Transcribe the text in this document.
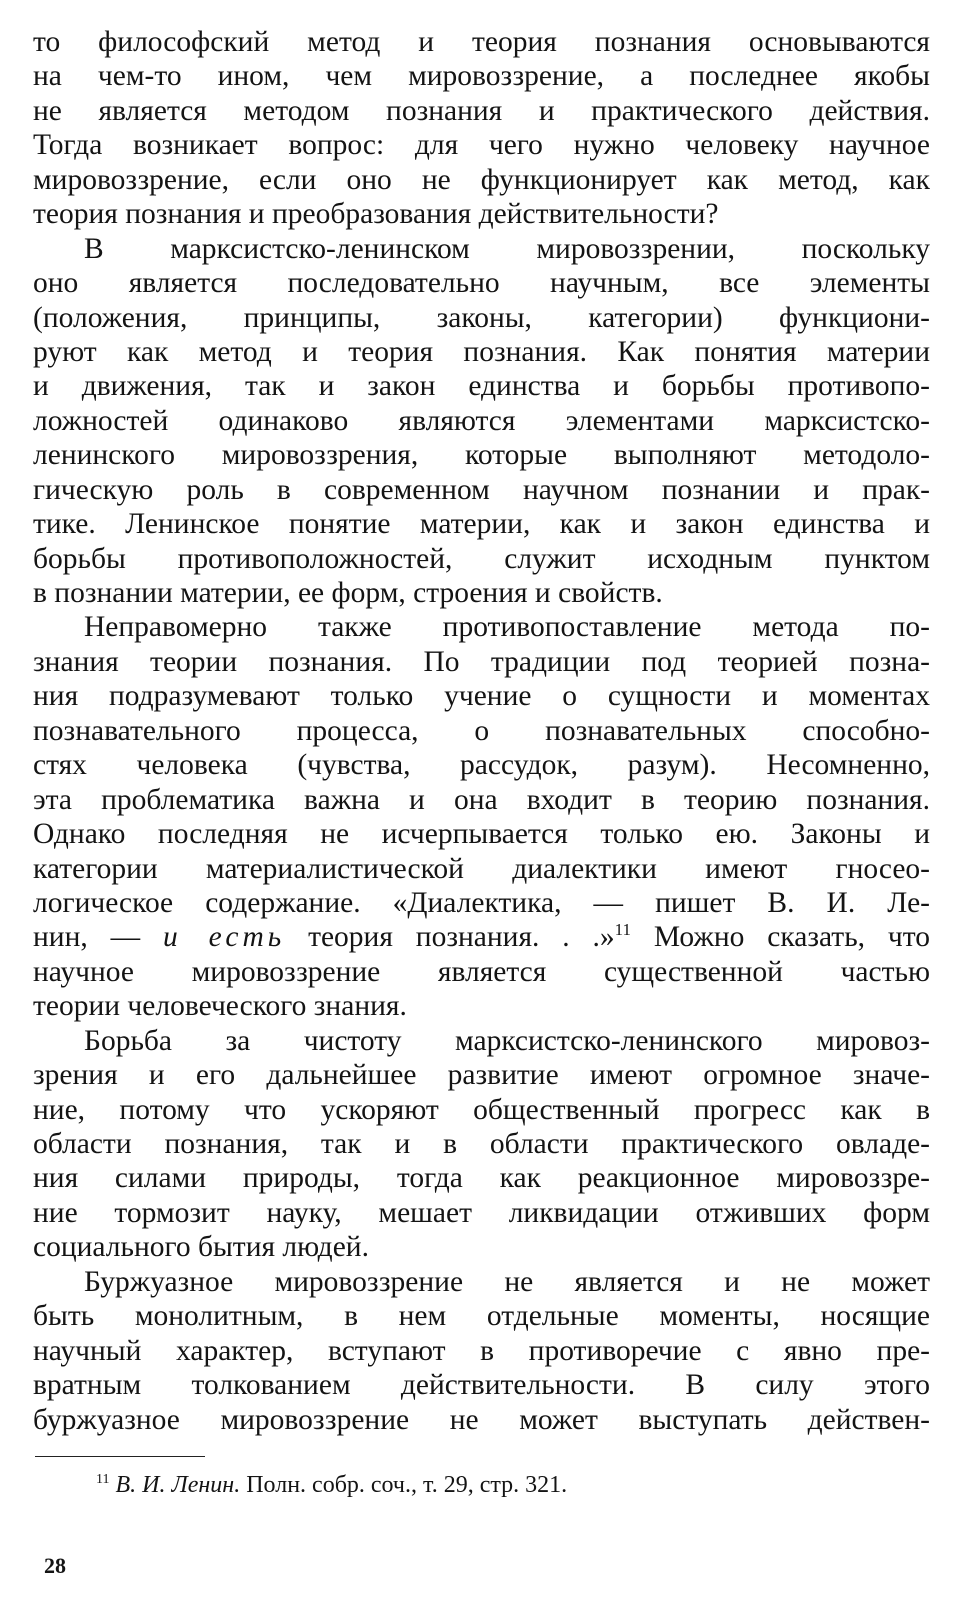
то философский метод и теория познания основываются
на чем-то ином, чем мировоззрение, а последнее якобы
не является методом познания и практического действия.
Тогда возникает вопрос: для чего нужно человеку научное
мировоззрение, если оно не функционирует как метод, как
теория познания и преобразования действительности?
В марксистско-ленинском мировоззрении, поскольку
оно является последовательно научным, все элементы
(положения, принципы, законы, категории) функциони-
руют как метод и теория познания. Как понятия материи
и движения, так и закон единства и борьбы противопо-
ложностей одинаково являются элементами марксистско-
ленинского мировоззрения, которые выполняют методоло-
гическую роль в современном научном познании и прак-
тике. Ленинское понятие материи, как и закон единства и
борьбы противоположностей, служит исходным пунктом
в познании материи, ее форм, строения и свойств.
Неправомерно также противопоставление метода по-
знания теории познания. По традиции под теорией позна-
ния подразумевают только учение о сущности и моментах
познавательного процесса, о познавательных способно-
стях человека (чувства, рассудок, разум). Несомненно,
эта проблематика важна и она входит в теорию познания.
Однако последняя не исчерпывается только ею. Законы и
категории материалистической диалектики имеют гносео-
логическое содержание. «Диалектика, — пишет В. И. Ле-
нин, — и есть теория познания. . .»$^{11}$ Можно сказать, что
научное мировоззрение является существенной частью
теории человеческого знания.
Борьба за чистоту марксистско-ленинского мировоз-
зрения и его дальнейшее развитие имеют огромное значе-
ние, потому что ускоряют общественный прогресс как в
области познания, так и в области практического овладе-
ния силами природы, тогда как реакционное мировоззре-
ние тормозит науку, мешает ликвидации отживших форм
социального бытия людей.
Буржуазное мировоззрение не является и не может
быть монолитным, в нем отдельные моменты, носящие
научный характер, вступают в противоречие с явно пре-
вратным толкованием действительности. В силу этого
буржуазное мировоззрение не может выступать действен-
$^{11}$ В. И. Ленин. Полн. собр. соч., т. 29, стр. 321.
28
